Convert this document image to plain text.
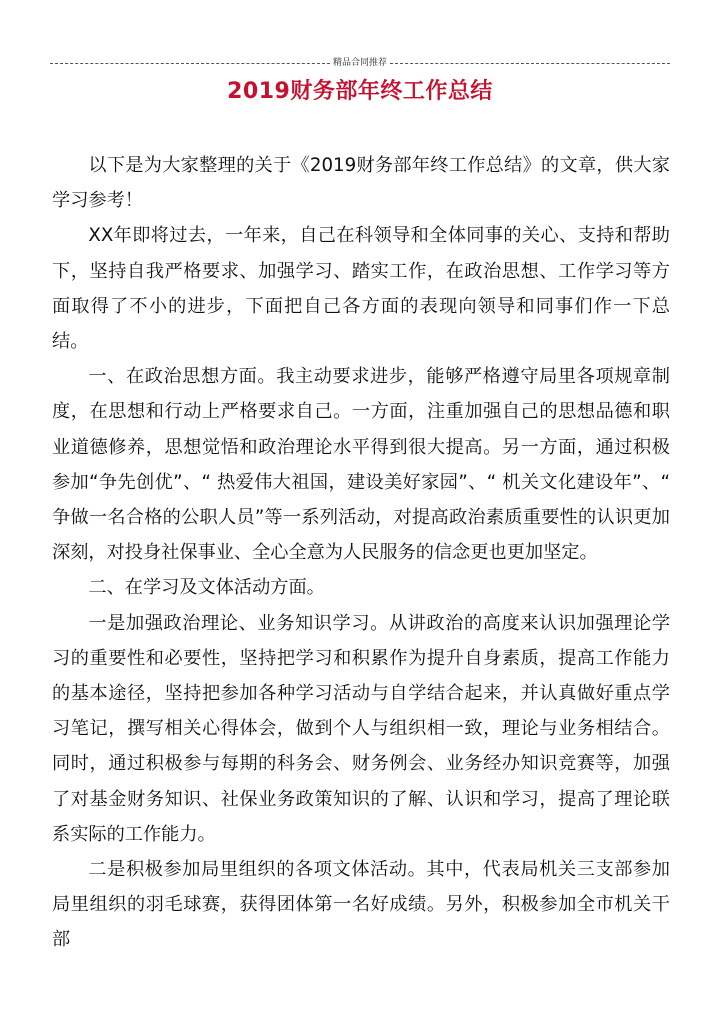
精品合同推荐
2019财务部年终工作总结

以下是为大家整理的关于《2019财务部年终工作总结》的文章，供大家学习参考！

XX年即将过去，一年来，自己在科领导和全体同事的关心、支持和帮助下，坚持自我严格要求、加强学习、踏实工作，在政治思想、工作学习等方面取得了不小的进步，下面把自己各方面的表现向领导和同事们作一下总结。

一、在政治思想方面。我主动要求进步，能够严格遵守局里各项规章制度，在思想和行动上严格要求自己。一方面，注重加强自己的思想品德和职业道德修养，思想觉悟和政治理论水平得到很大提高。另一方面，通过积极参加“争先创优”、“ 热爱伟大祖国，建设美好家园”、“ 机关文化建设年”、“ 争做一名合格的公职人员”等一系列活动，对提高政治素质重要性的认识更加深刻，对投身社保事业、全心全意为人民服务的信念更也更加坚定。

二、在学习及文体活动方面。

一是加强政治理论、业务知识学习。从讲政治的高度来认识加强理论学习的重要性和必要性，坚持把学习和积累作为提升自身素质，提高工作能力的基本途径，坚持把参加各种学习活动与自学结合起来，并认真做好重点学习笔记，撰写相关心得体会，做到个人与组织相一致，理论与业务相结合。同时，通过积极参与每期的科务会、财务例会、业务经办知识竞赛等，加强了对基金财务知识、社保业务政策知识的了解、认识和学习，提高了理论联系实际的工作能力。

二是积极参加局里组织的各项文体活动。其中，代表局机关三支部参加局里组织的羽毛球赛，获得团体第一名好成绩。另外，积极参加全市机关干部
